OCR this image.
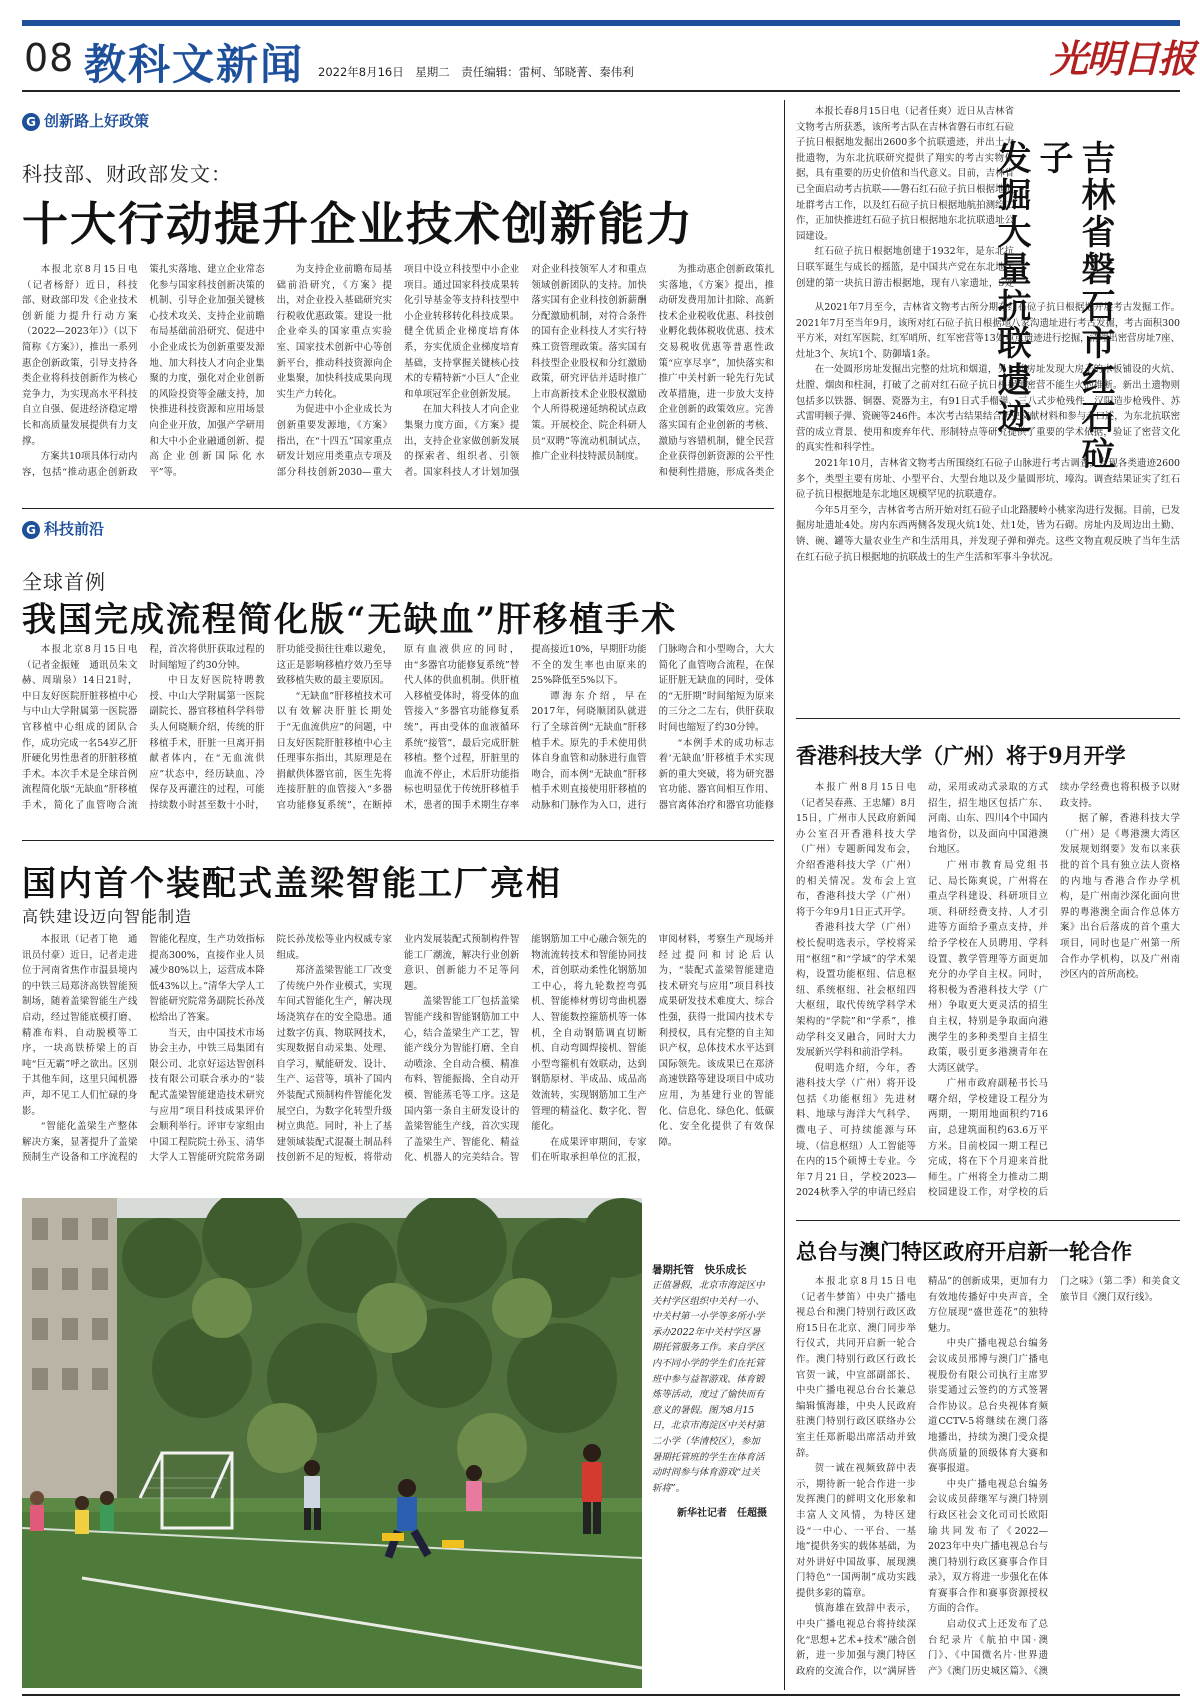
08 教科文新闻 2022年8月16日　星期二　责任编辑：雷柯、邹晓菁、秦伟利	光明日报
G 创新路上好政策
科技部、财政部发文：
十大行动提升企业技术创新能力

本报北京8月15日电（记者杨舒）近日，科技部、财政部印发《企业技术创新能力提升行动方案（2022—2023年）》（以下简称《方案》），推出一系列惠企创新政策，引导支持各类企业将科技创新作为核心竞争力，为实现高水平科技自立自强、促进经济稳定增长和高质量发展提供有力支撑。

方案共10项具体行动内容，包括“推动惠企创新政策扎实落地、建立企业常态化参与国家科技创新决策的机制、引导企业加强关键核心技术攻关、支持企业前瞻布局基础前沿研究、促进中小企业成长为创新重要发源地、加大科技人才向企业集聚的力度，强化对企业创新的风险投资等金融支持，加快推进科技资源和应用场景向企业开放，加强产学研用和大中小企业融通创新、提高企业创新国际化水平”等。

为支持企业前瞻布局基础前沿研究，《方案》提出，对企业投入基础研究实行税收优惠政策。建设一批企业牵头的国家重点实验室、国家技术创新中心等创新平台，推动科技资源向企业集聚，加快科技成果向现实生产力转化。

为促进中小企业成长为创新重要发源地，《方案》指出，在“十四五”国家重点研发计划应用类重点专项及部分科技创新2030—重大项目中设立科技型中小企业项目。通过国家科技成果转化引导基金等支持科技型中小企业转移转化科技成果。健全优质企业梯度培育体系，夯实优质企业梯度培育基础，支持掌握关键核心技术的专精特新“小巨人”企业和单项冠军企业创新发展。

在加大科技人才向企业集聚力度方面，《方案》提出，支持企业家做创新发展的探索者、组织者、引领者。国家科技人才计划加强对企业科技领军人才和重点领域创新团队的支持。加快落实国有企业科技创新薪酬分配激励机制，对符合条件的国有企业科技人才实行特殊工资管理政策。落实国有科技型企业股权和分红激励政策，研究评估并适时推广上市高新技术企业股权激励个人所得税递延纳税试点政策。开展校企、院企科研人员“双聘”等流动机制试点，推广企业科技特派员制度。

为推动惠企创新政策扎实落地，《方案》提出，推动研发费用加计扣除、高新技术企业税收优惠、科技创业孵化载体税收优惠、技术交易税收优惠等普惠性政策“应享尽享”，加快落实和推广中关村新一轮先行先试改革措施，进一步放大支持企业创新的政策效应。完善落实国有企业创新的考核、激励与容错机制，健全民营企业获得创新资源的公平性和便利性措施，形成各类企

G 科技前沿
全球首例
我国完成流程简化版“无缺血”肝移植手术

本报北京8月15日电（记者金振娅　通讯员朱文赫、周瑞泉）14日21时，中日友好医院肝脏移植中心与中山大学附属第一医院器官移植中心组成的团队合作，成功完成一名54岁乙肝肝硬化男性患者的肝脏移植手术。本次手术是全球首例流程简化版“无缺血”肝移植手术，简化了血管吻合流程，首次将供肝获取过程的时间缩短了约30分钟。

中日友好医院特聘教授、中山大学附属第一医院副院长、器官移植科学科带头人何晓顺介绍，传统的肝移植手术，肝脏一旦离开捐献者体内，在“无血流供应”状态中，经历缺血、冷保存及再灌注的过程，可能持续数小时甚至数十小时，肝功能受损往往难以避免，这正是影响移植疗效乃至导致移植失败的最主要原因。

“无缺血”肝移植技术可以有效解决肝脏长期处于“无血流供应”的问题，中日友好医院肝脏移植中心主任理事东指出，其原理是在捐献供体器官前，医生先将连接肝脏的血管接入“多器官功能修复系统”，在断掉原有血液供应的同时，由“多器官功能修复系统”替代人体的供血机制。供肝植入移植受体时，将受体的血管接入“多器官功能修复系统”，再由受体的血液循环系统“接管”，最后完成肝脏移植。整个过程，肝脏里的血流不停止，术后肝功能指标也明显优于传统肝移植手术，患者的围手术期生存率提高接近10%，早期肝功能不全的发生率也由原来的25%降低至5%以下。

谭海东介绍，早在2017年，何晓顺团队就进行了全球首例“无缺血”肝移植手术。原先的手术使用供体自身血管和动脉进行血管吻合，而本例“无缺血”肝移植手术则直接使用肝移植的动脉和门脉作为入口，进行门脉吻合和小型吻合，大大简化了血管吻合流程，在保证肝脏无缺血的同时，受体的“无肝期”时间缩短为原来的三分之二左右，供肝获取时间也缩短了约30分钟。

“本例手术的成功标志着‘无缺血’肝移植手术实现新的重大突破，将为研究器官功能、器官间相互作用、器官离体治疗和器官功能修

国内首个装配式盖梁智能工厂亮相
高铁建设迈向智能制造

本报讯（记者丁艳　通讯员付豪）近日，记者走进位于河南省焦作市温县境内的中铁三局郑济高铁智能预制场，随着盖梁智能生产线启动，经过智能底模打磨、精准布料、自动脱模等工序，一块高铁桥梁上的百吨“巨无霸”呼之欲出。区别于其他车间，这里只闻机器声，却不见工人们忙碌的身影。

“智能化盖梁生产整体解决方案，显著提升了盖梁预制生产设备和工序流程的智能化程度，生产功效指标提高300%，直接作业人员减少80%以上，运营成本降低43%以上。”清华大学人工智能研究院常务副院长孙茂松给出了答案。

当天，由中国技术市场协会主办，中铁三局集团有限公司、北京好运达智创科技有限公司联合承办的“装配式盖梁智能建造技术研究与应用”项目科技成果评价会顺利举行。评审专家组由中国工程院院士孙玉、清华大学人工智能研究院常务副院长孙茂松等业内权威专家组成。

郑济盖梁智能工厂改变了传统户外作业模式，实现车间式智能化生产，解决现场浇筑存在的安全隐患。通过数字仿真、物联网技术，实现数据自动采集、处理、自学习，赋能研发、设计、生产、运营等，填补了国内外装配式预制构件智能化发展空白，为数字化转型升级树立典范。同时，补上了基建领域装配式混凝土制品科技创新不足的短板，将带动业内发展装配式预制构件智能工厂潮流，解决行业创新意识、创新能力不足等问题。

盖梁智能工厂包括盖梁智能产线和智能钢筋加工中心，结合盖梁生产工艺，智能产线分为智能打磨、全自动喷涂、全自动合模、精准布料、智能振捣、全自动开模、智能蒸毛等工序。这是国内第一条自主研发设计的盖梁智能生产线，首次实现了盖梁生产、智能化、精益化、机器人的完美结合。智能钢筋加工中心融合领先的物流流转技术和智能协同技术，首创联动柔性化钢筋加工中心，将九轮数控弯弧机、智能棒材剪切弯曲机器人、智能数控箍筋机等一体机，全自动钢筋调直切断机、自动弯圆焊接机、智能小型弯箍机有效联动，达到钢筋原材、半成品、成品高效流转，实现钢筋加工生产管理的精益化、数字化、智能化。

在成果评审期间，专家们在听取承担单位的汇报，审阅材料，考察生产现场并经过提问和讨论后认为，“装配式盖梁智能建造技术研究与应用”项目科技成果研发技术难度大、综合性强，获得一批国内技术专利授权，具有完整的自主知识产权，总体技术水平达到国际领先。该成果已在郑济高速铁路等建设项目中成功应用，为基建行业的智能化、信息化、绿色化、低碳化、安全化提供了有效保障。

暑期托管　快乐成长
正值暑假，北京市海淀区中关村学区组织中关村一小、中关村第一小学等多所小学承办2022年中关村学区暑期托管服务工作。来自学区内不同小学的学生们在托管班中参与益智游戏、体育锻炼等活动，度过了愉快而有意义的暑假。图为8月15日，北京市海淀区中关村第二小学（华清校区），参加暑期托管班的学生在体育活动时间参与体育游戏“过关斩将”。
新华社记者　任超摄

本报长春8月15日电（记者任爽）近日从吉林省文物考古所获悉，该所考古队在吉林省磐石市红石砬子抗日根据地发掘出2600多个抗联遗迹，并出土大批遗物，为东北抗联研究提供了翔实的考古实物依据，具有重要的历史价值和当代意义。目前，吉林省已全面启动考古抗联——磐石红石砬子抗日根据地遗址群考古工作，以及红石砬子抗日根据地航拍测绘工作，正加快推进红石砬子抗日根据地东北抗联遗址公园建设。

红石砬子抗日根据地创建于1932年，是东北抗日联军诞生与成长的摇篮，是中国共产党在东北地区创建的第一块抗日游击根据地，现有八家遗址，5处	吉林省磐石市红石砬子
发掘大量抗联遗迹

从2021年7月至今，吉林省文物考古所分期在红石砬子抗日根据地开展考古发掘工作。2021年7月至当年9月，该所对红石砬子抗日根据地八家沟遗址进行考古发掘，考古面积300平方米，对红军医院、红军哨所、红军密营等13处重点遗迹进行挖掘，清理出密营房址7座、灶址3个、灰坑1个、防御墙1条。

在一处圆形房址发掘出完整的灶坑和烟道，另一处房址发现大房子的木板铺设的火炕、灶膛、烟囱和柱洞，打破了之前对红石砬子抗日根据地密营不能生火的推断。新出土遗物则包括多以铁器、铜器、瓷器为主，有91日式手榴弹、三八式步枪残件、汉阳造步枪残件、苏式雷明顿子弹、瓷碗等246件。本次考古结果结合历史文献材料和参与者口述，为东北抗联密营的成立背景、使用和废弃年代、形制特点等研究提供了重要的学术依据，验证了密营文化的真实性和科学性。

2021年10月，吉林省文物考古所围绕红石砬子山脉进行考古调查，发现各类遗迹2600多个，类型主要有房址、小型平台、大型台地以及少量圆形坑、壕沟。调查结果证实了红石砬子抗日根据地是东北地区规模罕见的抗联遗存。

今年5月至今，吉林省考古所开始对红石砬子山北路腰岭小桃家沟进行发掘。目前，已发掘房址遗址4处。房内东西两侧各发现火炕1处、灶1处，皆为石砌。房址内及周边出土勤、锛、碗、罐等大量农业生产和生活用具，并发现子弹和弹壳。这些文物直观反映了当年生活在红石砬子抗日根据地的抗联战士的生产生活和军事斗争状况。

香港科技大学（广州）将于9月开学

本报广州8月15日电（记者吴春燕、王忠耀）8月15日，广州市人民政府新闻办公室召开香港科技大学（广州）专题新闻发布会，介绍香港科技大学（广州）的相关情况。发布会上宣布，香港科技大学（广州）将于今年9月1日正式开学。

香港科技大学（广州）校长倪明选表示，学校将采用“枢纽”和“学域”的学术架构，设置功能枢纽、信息枢纽、系统枢纽、社会枢纽四大枢纽，取代传统学科学术架构的“学院”和“学系”，推动学科交叉融合，同时大力发展新兴学科和前沿学科。

倪明选介绍，今年，香港科技大学（广州）将开设包括《功能枢纽》先进材料、地球与海洋大气科学、微电子、可持续能源与环境、（信息枢纽）人工智能等在内的15个硕博士专业。今年7月21日，学校2023—2024秋季入学的申请已经启动，采用或动式录取的方式招生，招生地区包括广东、河南、山东、四川4个中国内地省份，以及面向中国港澳台地区。

广州市教育局党组书记、局长陈爽说，广州将在重点学科建设、科研项目立项、科研经费支持、人才引进等方面给予重点支持，并给予学校在人员聘用、学科设置、教学管理等方面更加充分的办学自主权。同时，将积极为香港科技大学（广州）争取更大更灵活的招生自主权，特别是争取面向港澳学生的多种类型自主招生政策，吸引更多港澳青年在大湾区就学。

广州市政府副秘书长马曙介绍，学校建设工程分为两期，一期用地面积约716亩，总建筑面积约63.6万平方米。目前校园一期工程已完成，将在下个月迎来首批师生。广州将全力推动二期校园建设工作，对学校的后续办学经费也将积极予以财政支持。

据了解，香港科技大学（广州）是《粤港澳大湾区发展规划纲要》发布以来获批的首个具有独立法人资格的内地与香港合作办学机构，是广州南沙深化面向世界的粤港澳全面合作总体方案》出台后落成的首个重大项目，同时也是广州第一所合作办学机构，以及广州南沙区内的首所高校。

总台与澳门特区政府开启新一轮合作

本报北京8月15日电（记者牛梦笛）中央广播电视总台和澳门特别行政区政府15日在北京、澳门同步举行仪式，共同开启新一轮合作。澳门特别行政区行政长官贺一诚，中宣部副部长、中央广播电视总台台长兼总编辑慎海雄，中央人民政府驻澳门特别行政区联络办公室主任郑新聪出席活动并致辞。

贺一诚在视频致辞中表示，期待新一轮合作进一步发挥澳门的鲜明文化形象和丰富人文风情，为特区建设“一中心、一平台、一基地”提供务实的载体基础，为对外讲好中国故事、展现澳门特色“一国两制”成功实践提供多彩的篇章。

慎海雄在致辞中表示，中央广播电视总台将持续深化“思想+艺术+技术”融合创新，进一步加强与澳门特区政府的交流合作，以“满屏皆精品”的创新成果，更加有力有效地传播好中央声音，全方位展现“盛世莲花”的独特魅力。

中央广播电视总台编务会议成员邢博与澳门广播电视股份有限公司执行主席罗崇雯通过云签约的方式签署合作协议。总台央视体育频道CCTV-5将继续在澳门落地播出，持续为澳门受众提供高质量的顶级体育大赛和赛事报道。

中央广播电视总台编务会议成员薛继军与澳门特别行政区社会文化司司长欧阳瑜共同发布了《2022—2023年中央广播电视总台与澳门特别行政区赛事合作目录》，双方将进一步强化在体育赛事合作和赛事资源授权方面的合作。

启动仪式上还发布了总台纪录片《航拍中国·澳门》、《中国微名片·世界遗产》《澳门历史城区篇》、《澳门之味》（第二季）和美食文旅节目《澳门双行线》。
